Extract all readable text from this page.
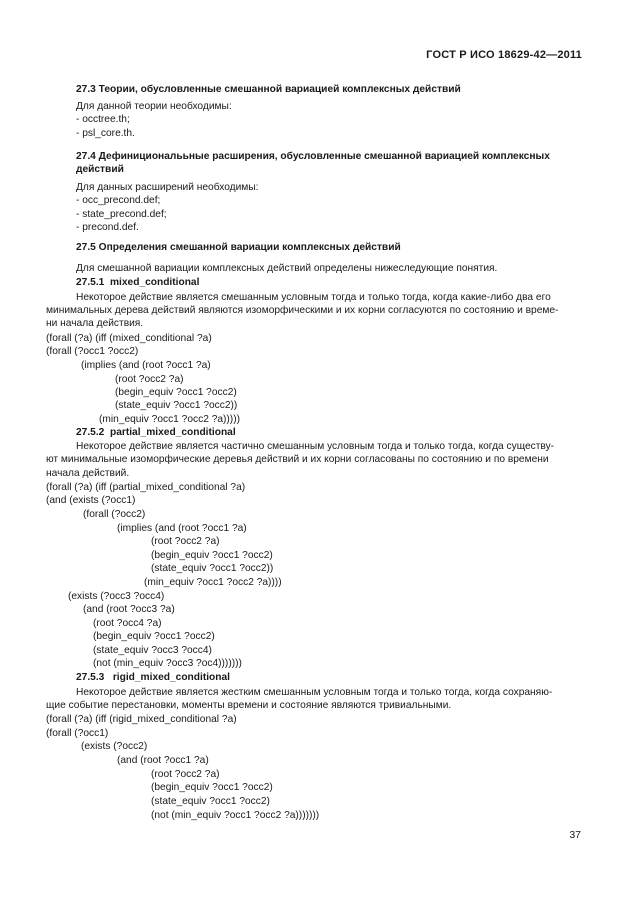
ГОСТ Р ИСО 18629-42—2011
27.3 Теории, обусловленные смешанной вариацией комплексных действий
Для данной теории необходимы:
- occtree.th;
- psl_core.th.
27.4 Дефинициональьные расширения, обусловленные смешанной вариацией комплексных
действий
Для данных расширений необходимы:
- occ_precond.def;
- state_precond.def;
- precond.def.
27.5 Определения смешанной вариации комплексных действий
Для смешанной вариации комплексных действий определены нижеследующие понятия.
27.5.1  mixed_conditional
Некоторое действие является смешанным условным тогда и только тогда, когда какие-либо два его
минимальных дерева действий являются изоморфическими и их корни согласуются по состоянию и време-
ни начала действия.
(forall (?a) (iff (mixed_conditional ?a)
(forall (?occ1 ?occ2)
(implies (and (root ?occ1 ?a)
(root ?occ2 ?a)
(begin_equiv ?occ1 ?occ2)
(state_equiv ?occ1 ?occ2))
(min_equiv ?occ1 ?occ2 ?a)))))
27.5.2  partial_mixed_conditional
Некоторое действие является частично смешанным условным тогда и только тогда, когда существу-
ют минимальные изоморфические деревья действий и их корни согласованы по состоянию и по времени
начала действий.
(forall (?a) (iff (partial_mixed_conditional ?a)
(and (exists (?occ1)
(forall (?occ2)
(implies (and (root ?occ1 ?a)
(root ?occ2 ?a)
(begin_equiv ?occ1 ?occ2)
(state_equiv ?occ1 ?occ2))
(min_equiv ?occ1 ?occ2 ?a))))
(exists (?occ3 ?occ4)
(and (root ?occ3 ?a)
(root ?occ4 ?a)
(begin_equiv ?occ1 ?occ2)
(state_equiv ?occ3 ?occ4)
(not (min_equiv ?occ3 ?oc4)))))))
27.5.3   rigid_mixed_conditional
Некоторое действие является жестким смешанным условным тогда и только тогда, когда сохраняю-
щие событие перестановки, моменты времени и состояние являются тривиальными.
(forall (?a) (iff (rigid_mixed_conditional ?a)
(forall (?occ1)
(exists (?occ2)
(and (root ?occ1 ?a)
(root ?occ2 ?a)
(begin_equiv ?occ1 ?occ2)
(state_equiv ?occ1 ?occ2)
(not (min_equiv ?occ1 ?occ2 ?a)))))))
37
